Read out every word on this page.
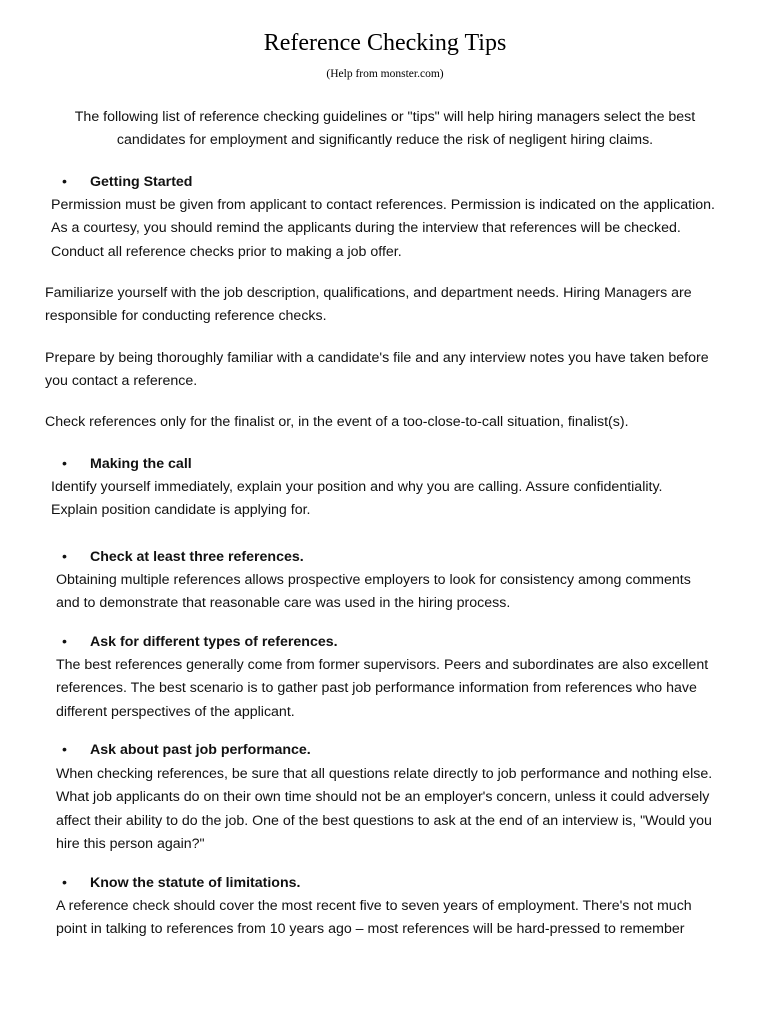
Reference Checking Tips
(Help from monster.com)
The following list of reference checking guidelines or "tips" will help hiring managers select the best candidates for employment and significantly reduce the risk of negligent hiring claims.
•	Getting Started
Permission must be given from applicant to contact references. Permission is indicated on the application. As a courtesy, you should remind the applicants during the interview that references will be checked. Conduct all reference checks prior to making a job offer.
Familiarize yourself with the job description, qualifications, and department needs. Hiring Managers are responsible for conducting reference checks.
Prepare by being thoroughly familiar with a candidate's file and any interview notes you have taken before you contact a reference.
Check references only for the finalist or, in the event of a too-close-to-call situation, finalist(s).
•	Making the call
Identify yourself immediately, explain your position and why you are calling. Assure confidentiality. Explain position candidate is applying for.
•	Check at least three references.
Obtaining multiple references allows prospective employers to look for consistency among comments and to demonstrate that reasonable care was used in the hiring process.
•	Ask for different types of references.
The best references generally come from former supervisors. Peers and subordinates are also excellent references. The best scenario is to gather past job performance information from references who have different perspectives of the applicant.
•	Ask about past job performance.
When checking references, be sure that all questions relate directly to job performance and nothing else. What job applicants do on their own time should not be an employer's concern, unless it could adversely affect their ability to do the job. One of the best questions to ask at the end of an interview is, "Would you hire this person again?"
•	Know the statute of limitations.
A reference check should cover the most recent five to seven years of employment. There's not much point in talking to references from 10 years ago – most references will be hard-pressed to remember
